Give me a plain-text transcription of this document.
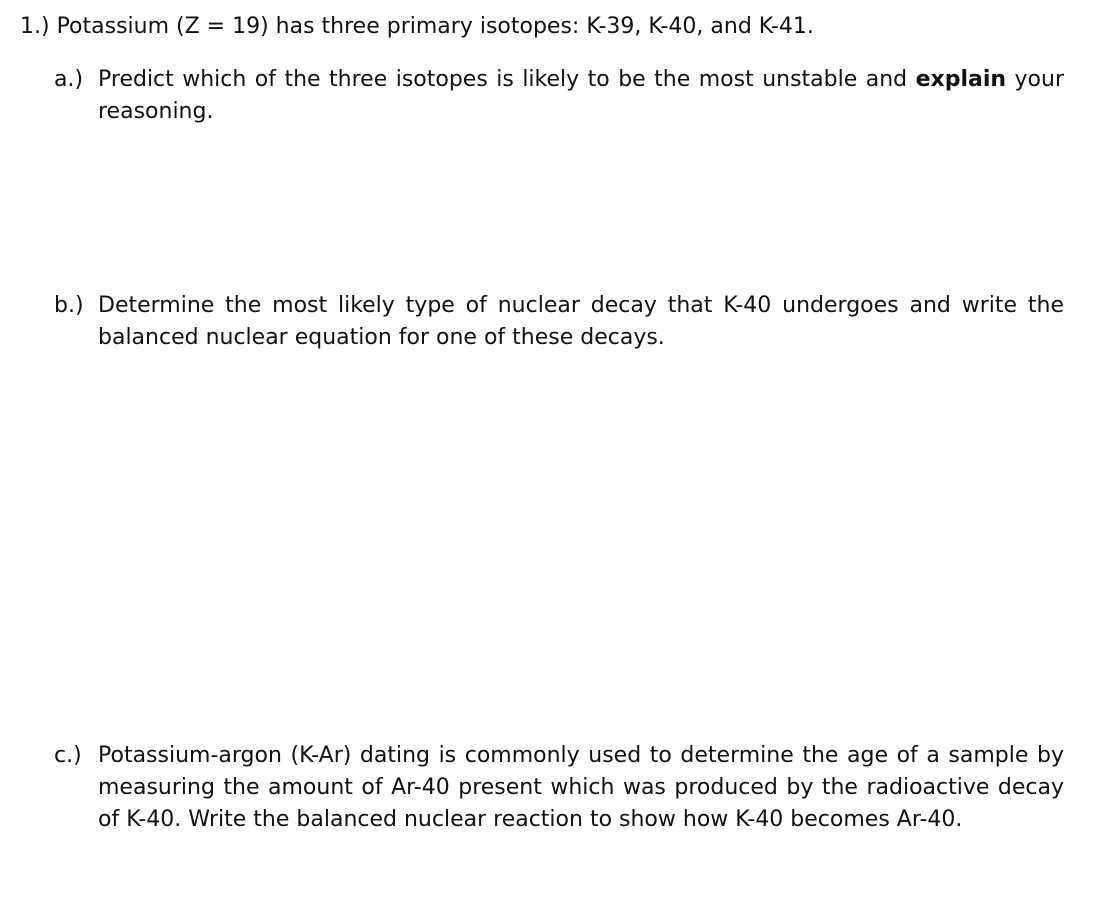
1.) Potassium (Z = 19) has three primary isotopes: K-39, K-40, and K-41.
a.) Predict which of the three isotopes is likely to be the most unstable and explain your reasoning.
b.) Determine the most likely type of nuclear decay that K-40 undergoes and write the balanced nuclear equation for one of these decays.
c.) Potassium-argon (K-Ar) dating is commonly used to determine the age of a sample by measuring the amount of Ar-40 present which was produced by the radioactive decay of K-40. Write the balanced nuclear reaction to show how K-40 becomes Ar-40.
